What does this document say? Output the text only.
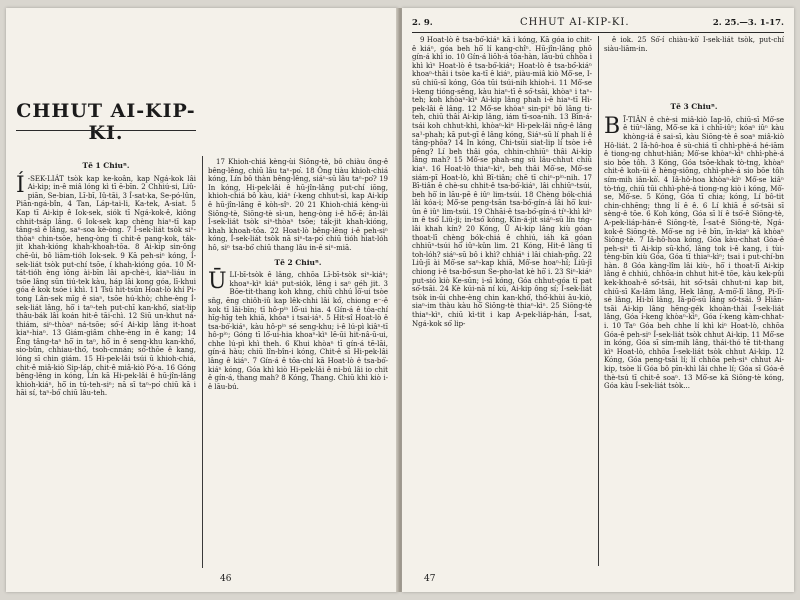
CHHUT AI-KIP-KI.
Tē 1 Chiuⁿ.

Í -SEK-LIÁT tsòk kap ke-koân, kap Ngá-kok lâi Ai-kip; in-ê miâ lóng kì tī ē-bīn. 2 Chhiú-si, Liû-piān, Se-bian, Lī-bī, Iû-tāi, 3 Í-sat-ka, Se-pó-lûn, Piān-ngá-bîn, 4 Tan, Láp-tai-li, Ka-tek, A-siat. 5 Kap tī Ai-kip ê Iok-sek, siók tī Ngá-kok-ê, kiông chhit-tsáp lâng. 6 Iok-sek kap chèng hiaⁿ-tī kap tâng-sì ê lâng, saⁿ-soa kè-òng. 7 Í-sek-liát tsòk siⁿ-thòaⁿ chin-tsōe, heng-òng tī chit-ê pang-kok, ták-jit khah-kióng khah-khoah-tōa. 8 Ai-kip sin-ông chē-ûi, bô liām-tióh Iok-sek. 9 Kā peh-siⁿ kóng, Í-sek-liát tsòk put-chí tsōe, í khah-kióng góa. 10 M̄-tát-tióh èng iōng ài-bīn lâi ap-chè-i, kiaⁿ-liáu in tsōe lâng sūn tiú-tek kàu, háp lâi kong góa, lī-khui góa ê kok tsóe i khì. 11 Tsū hit-tsūn Hoat-lò khí Pi-tong Lân-sek mīg ê siaⁿ, tsōe hú-khò; chhe-èng Í-sek-liát lâng, hō͘ i taⁿ-teh put-chī kan-khó͘, siat-lip thâu-bák lâi koán hit-ê tāi-chì. 12 Siū un-khut ná-thiám, siⁿ-thòaⁿ ná-tsōe; só͘-í Ai-kip lâng it-hoat kiaⁿ-hiaⁿ. 13 Giám-giâm chhe-èng in ê kang; 14 Ēng tâng-taⁿ hō͘ in taⁿ, hō͘ in ê seng-khu kan-khó͘, sio-bûn, chhiau-thó͘, tsoh-cnnán; só͘-thōe ê kang, lóng sī chin giám. 15 Hi-pek-lâi tsúi ū khioh-chiá, chit-ê miâ-kiò Sip-láp, chit-ê miâ-kiò Pó-a. 16 Góng bêng-lêng in kóng, Lín kā Hi-pek-lâi ê hū-jîn-lâng khioh-kiáⁿ, hō͘ in tú-teh-siⁿ; nā sī taⁿ-po͘ chiū kā i hāi sí, taⁿ-bó͘ chiū lâu-teh.

17 Khioh-chiá kèng-ùi Siōng-tè, bô chiàu ông-ê bêng-lêng, chiū lâu taⁿ-po͘. 18 Ông tiàu khioh-chiá kóng, Lín bô thàn bêng-lêng, siáⁿ-sū lâu taⁿ-po͘? 19 In kóng, Hi-pek-lâi ê hū-jîn-lâng put-chí iōng, khioh-chiá bô kàu, kiáⁿ í-keng chhut-sì, kap Ai-kip ê hū-jîn-lâng ē kòh-sîⁿ. 20 21 Khioh-chiá kèng-ùi Siōng-tè, Siōng-tè sì-un, heng-òng i-ê hō͘-ē; ân-lâi Í-sek-liát tsòk siⁿ-thòaⁿ tsōe; ták-jit khah-kióng, khah khoah-tōa. 22 Hoat-lò bêng-lêng i-ê peh-siⁿ kóng, Í-sek-liát tsòk nā siⁿ-ta-po͘ chiū tióh hiat-lóh hô, siⁿ tsa-bó͘ chiū thang lâu in-ê siⁿ-miā.

Tē 2 Chiuⁿ.

ŪLI-bī-tsòk ê lâng, chhōa Lī-bī-tsòk siⁿ-kiáⁿ; khoaⁿ-kìⁿ kiáⁿ put-siók, lêng i saⁿ géh jit. 3 Bōe-tit-thang koh khng, chiū chhú lô͘-ui tsòe sn̄g, ēng chiôh-iû kap lêk-chhi lâi kó͘, chiong e⁻-ê kok tī lāi-bīn; tī hô-pⁱⁿ lô͘-ui hia. 4 Gín-á ê tōa-chí hīg-hīg teh khiā, khòaⁿ i tsai-iáⁿ. 5 Hit-sî Hoat-lò ê tsa-bó͘-kiáⁿ, kàu hô-pⁱⁿ sé seng-khu; i-ê lú-pì kiâⁿ-tī hô-pⁱⁿ; Góng tī lô͘-ui-hia khoaⁿ-kìⁿ lē-ūi hit-nâ-ū-ui, chhe lú-pì khì theh. 6 Khui khòaⁿ tī gín-á tē-lāi, gín-á hàu; chiū lîn-bîn-i kóng, Chit-ê sī Hi-pek-lâi lâng ê kiáⁿ. 7 Gín-á ê tōa-chí kā Hoat-lò ê tsa-bó͘-kiáⁿ kóng, Góa khì kiò Hi-pek-lâi ê ni-bú lâi io chit ê gín-á, thang mah? 8 Kóng, Thang. Chiū khì kiò i-ê lāu-bú.

46
2. 9.	CHHUT AI-KIP-KI.	2. 25.—3. 1-17.

9 Hoat-lò ê tsa-bó͘-kiáⁿ kā i kóng, Kā góa io chit-ê kiáⁿ, góa beh hō͘ lí kang-chîⁿ. Hū-jîn-lâng phō gín-á khì io. 10 Gín-á liōh-á tōa-hàn, lāu-bú chhōa i khì kìⁿ Hoat-lò ê tsa-bó͘-kiáⁿ; Hoat-lò ê tsa-bó͘-kiáⁿ khoaⁿ-thāi i tsòe ka-tī ê kiáⁿ, piàu-miâ kiò Mô͘-se, I-sū chiū-sī kóng, Góa tūi tsúi-nih khioh-i. 11 Mô͘-se i-keng tióng-sêng, kàu hiaⁿ-tī ê só͘-tsāi, khòaⁿ i taⁿ-teh; koh khòaⁿ-kìⁿ Ai-kip lâng phah i-ê hiaⁿ-tī Hi-pek-lâi ê lâng. 12 Mô͘-se khòaⁿ sin-piⁿ bô lâng ti-teh, chiū thâi Ai-kip lâng, iám tī-soa-nih. 13 Bīn-á-tsái koh chhut-khì, khòaⁿ-kìⁿ Hi-pek-lâi nn̄g-ê lâng sa¹-phah; kā put-gī ê lâng kóng, Siáⁿ-sū lí phah lí ê tâng-phôa? 14 In kóng, Chi-tsūi siat-lip lí tsòe i-ê pêng? Lí beh thâi góa, chhin-chhiūⁿ thâi Ai-kip lâng mah? 15 Mô͘-se phah-sng sū lâu-chhut chiū kiaⁿ. 16 Hoat-lò thiaⁿ-kìⁿ, beh thâi Mô͘-se, Mô͘-se siám-pī Hoat-lò, khì Bī-tiân; chē tī chiⁿ-pⁱⁿ-nih. 17 Bī-tiân ê chè-su chhit-ê tsa-bó͘-kiáⁿ, lâi chhiūⁿ-tsúi, beh hō͘ in lāu-pē ê iûⁿ lim-tsúi. 18 Chèng bók-chiá lâi kóa-i; Mô͘-se peng-tsān tsa-bó͘-gín-á lâi hō͘ kui-ûn ê iûⁿ lim-tsúi. 19 Chhāi-ê tsa-bó͘-gín-á tíⁿ-khì kìⁿ in ê tsó͘ Liû-ji; in-tsó͘ kóng, Kin-á-jit siáⁿ-sū lín tńg-lâi khah kín? 20 Kóng, Ū Ai-kip lâng kiù góan thoat-lī chèng bók-chiá ê chhiú, iáh kā góan chhiūⁿ-tsúi hō͘ iûⁿ-kûn lim. 21 Kóng, Hit-ê lâng tī toh-lóh? siáⁿ-sū bô i khì? chhiáⁿ i lâi chiah-pn̄g. 22 Liû-jī ài Mô͘-se saⁿ-kap khiā, Mô͘-se hoaⁿ-hí; Liû-jī chiong i-ê tsa-bó͘-sun Se-pho-lat kè hō͘ i. 23 Siⁿ-kiáⁿ put-sió kiò Ke-sūn; i-sī kóng, Góa chhut-góa tī pat só͘-tsāi. 24 Kè kúi-nā ní kú, Ai-kip ông sí; Í-sek-liát tsòk in-ūi chhe-èng chin kan-khó͘, thó͘-khùi āu-kiò, siaⁿ-im thàu kàu hō͘ Siōng-tè thiaⁿ-kìⁿ. 25 Siōng-tè thiaⁿ-kìⁿ, chiū kì-tit i kap A-pek-liáp-hán, Í-sat, Ngá-kok só͘ lip-

ê iok. 25 Só͘-í chiàu-kò͘ Í-sek-liát tsòk, put-chí siàu-liām-in.

Tē 3 Chiuⁿ.

B Ī-TIÂN ê chè-si miâ-kiò Iap-lō, chiū-sī Mô͘-se ê tiūⁿ-lâng, Mô͘-se kā i chhī-iûⁿ; kóaⁿ iûⁿ kàu khòng-iá ê sai-sī, kàu Siōng-tè ê soaⁿ miâ-kiò Hô-liát. 2 Iâ-hô-hoa ê sù-chiá tī chhì-phè-á hé-iām ê tiong-ng chhut-hiān; Mô͘-se khòaⁿ-kìⁿ chhì-phè-á sio bōe tôh. 3 Kóng, Góa tsōe-khak tò-tng, khòaⁿ chit-ê koh-ūi ê hèng-siōng, chhì-phè-á sio bōe tôh sím-mih iân-kò͘. 4 Iâ-hô-hoa khòaⁿ-kìⁿ Mô͘-se kiâⁿ tò-tńg, chiū tūi chhì-phè-á tiong-ng kiò i kóng, Mô͘-se, Mô͘-se. 5 Kóng, Góa tī chia; kóng, Lí bô-tit chin-chhēng; thng lí ê ê. 6 Lí khiā ê só͘-tsāi sī sèng-ê tōe. 6 Koh kóng, Góa sī lí ê tsó͘-ê Siōng-tè, A-pek-liáp-hán-ê Siōng-tè, Í-sat-ê Siōng-tè, Ngá-kok-ê Siōng-tè. Mô͘-se ng i-ê bīn, īn-kiaⁿ kā khòaⁿ Siōng-tè. 7 Iâ-hô-hoa kóng, Góa kàu-chhat Góa-ê peh-siⁿ tī Ai-kip sū-khó͘, lâng tok i-ê kang, i tùi-tèng-bīn kiù Góa, Góa tī thiaⁿ-kìⁿ; tsai i put-chí-bn hàn. 8 Góa kàng-lîm lâi kiù-, hō͘ i thoat-lī Ai-kip lâng ê chhiú, chhōa-in chhut hit-ê tōe, kàu kek-pûi kek-khoah-ê só͘-tsāi, hit só͘-tsāi chhut-ni kap bit, chiū-sī Ka-lâm lâng, Hek lâng, A-mō͘-lī lâng, Pi-lī-sé lâng, Hi-bī lâng, Iâ-pō͘-sū lâng só͘-tsāi. 9 Hiān-tsāi Ai-kip lâng hēng-gék khoàn-thài Í-sek-liát lâng, Góa í-keng khòaⁿ-kìⁿ, Góa í-keng kàm-chhat-i. 10 Taⁿ Góa beh chhe lí khì kiⁿ Hoat-lò, chhōa Góa-ê peh-siⁿ Í-sek-liát tsòk chhut Ai-kip. 11 Mô͘-se in kóng, Góa sī sím-mih lâng, thái-thó tē tit-thang kìⁿ Hoat-lò, chhōa Í-sek-liát tsòk chhut Ai-kip. 12 Kóng, Góa peng-tsāi lí; lí chhōa peh-siⁿ chhut Ai-kip, tsòe lí Góa bô pīn-khì lâi chhe lí; Góa sī Góa-ê thè-tsú tī chit-ê soaⁿ. 13 Mô͘-se kā Siōng-tè kóng, Góa kàu Í-sek-liát tsòk...

47
